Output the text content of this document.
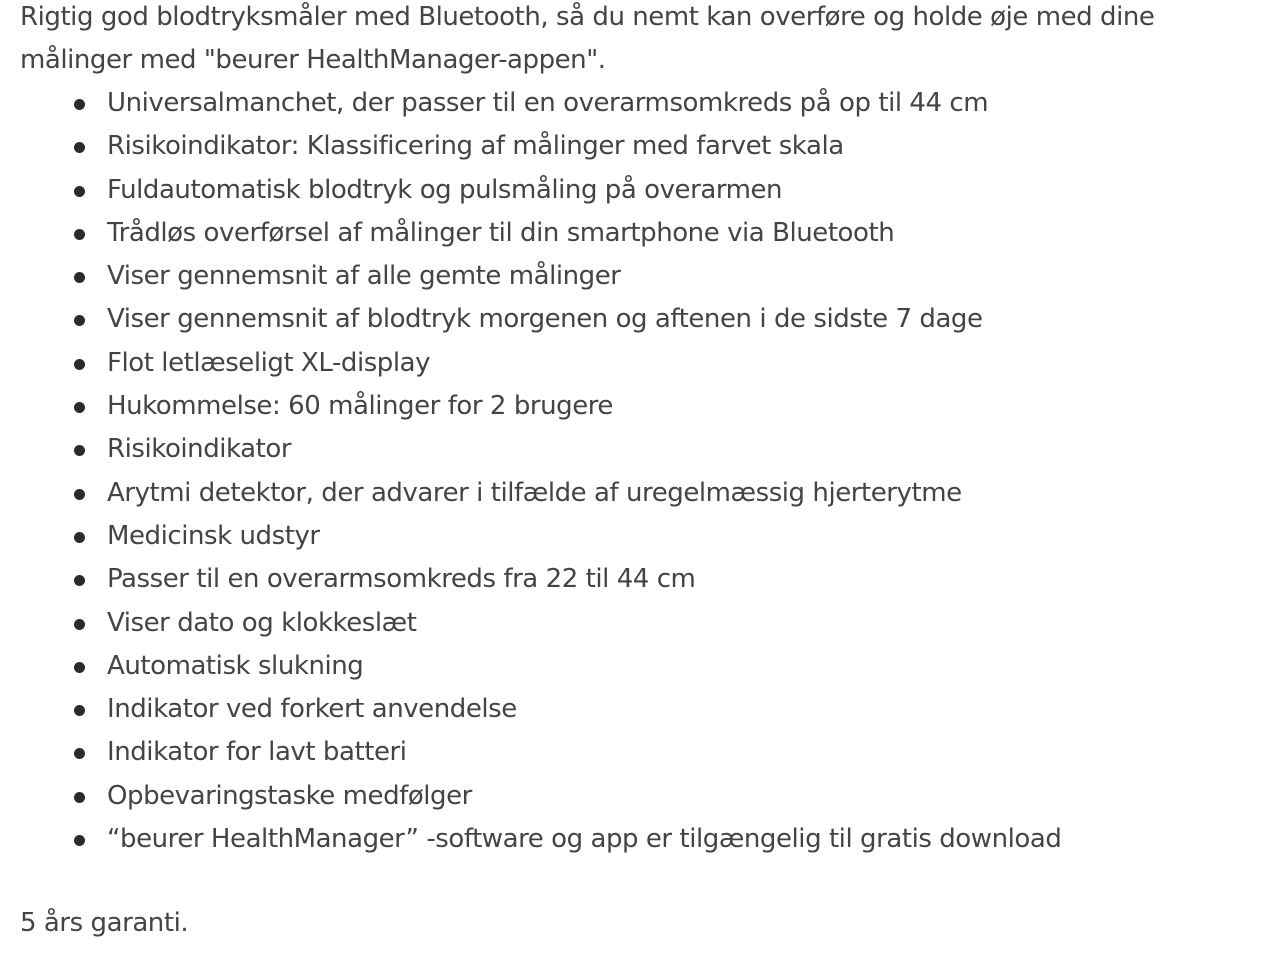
Rigtig god blodtryksmåler med Bluetooth, så du nemt kan overføre og holde øje med dine målinger med "beurer HealthManager-appen".

Universalmanchet, der passer til en overarmsomkreds på op til 44 cm
Risikoindikator: Klassificering af målinger med farvet skala
Fuldautomatisk blodtryk og pulsmåling på overarmen
Trådløs overførsel af målinger til din smartphone via Bluetooth
Viser gennemsnit af alle gemte målinger
Viser gennemsnit af blodtryk morgenen og aftenen i de sidste 7 dage
Flot letlæseligt XL-display
Hukommelse: 60 målinger for 2 brugere
Risikoindikator
Arytmi detektor, der advarer i tilfælde af uregelmæssig hjerterytme
Medicinsk udstyr
Passer til en overarmsomkreds fra 22 til 44 cm
Viser dato og klokkeslæt
Automatisk slukning
Indikator ved forkert anvendelse
Indikator for lavt batteri
Opbevaringstaske medfølger
“beurer HealthManager” -software og app er tilgængelig til gratis download

5 års garanti.
